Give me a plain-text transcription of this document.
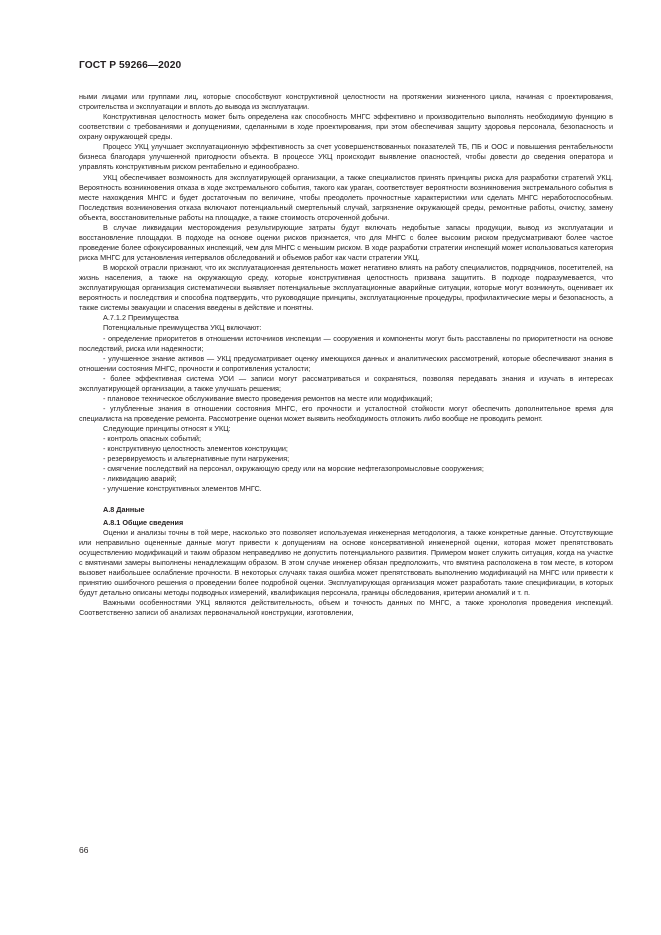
ГОСТ Р 59266—2020

ными лицами или группами лиц, которые способствуют конструктивной целостности на протяжении жизненного цикла, начиная с проектирования, строительства и эксплуатации и вплоть до вывода из эксплуатации.

Конструктивная целостность может быть определена как способность МНГС эффективно и производительно выполнять необходимую функцию в соответствии с требованиями и допущениями, сделанными в ходе проектирования, при этом обеспечивая защиту здоровья персонала, безопасность и охрану окружающей среды.

Процесс УКЦ улучшает эксплуатационную эффективность за счет усовершенствованных показателей ТБ, ПБ и ООС и повышения рентабельности бизнеса благодаря улучшенной пригодности объекта. В процессе УКЦ происходит выявление опасностей, чтобы довести до сведения оператора и управлять конструктивным риском рентабельно и единообразно.

УКЦ обеспечивает возможность для эксплуатирующей организации, а также специалистов принять принципы риска для разработки стратегий УКЦ. Вероятность возникновения отказа в ходе экстремального события, такого как ураган, соответствует вероятности возникновения экстремального события в месте нахождения МНГС и будет достаточным по величине, чтобы преодолеть прочностные характеристики или сделать МНГС неработоспособным. Последствия возникновения отказа включают потенциальный смертельный случай, загрязнение окружающей среды, ремонтные работы, очистку, замену объекта, восстановительные работы на площадке, а также стоимость отсроченной добычи.

В случае ликвидации месторождения результирующие затраты будут включать недобытые запасы продукции, вывод из эксплуатации и восстановление площадки. В подходе на основе оценки рисков признается, что для МНГС с более высоким риском предусматривают более частое проведение более сфокусированных инспекций, чем для МНГС с меньшим риском. В ходе разработки стратегии инспекций может использоваться категория риска МНГС для установления интервалов обследований и объемов работ как части стратегии УКЦ.

В морской отрасли признают, что их эксплуатационная деятельность может негативно влиять на работу специалистов, подрядчиков, посетителей, на жизнь населения, а также на окружающую среду, которые конструктивная целостность призвана защитить. В подходе подразумевается, что эксплуатирующая организация систематически выявляет потенциальные эксплуатационные аварийные ситуации, которые могут возникнуть, оценивает их вероятность и последствия и способна подтвердить, что руководящие принципы, эксплуатационные процедуры, профилактические меры и безопасность, а также системы эвакуации и спасения введены в действие и понятны.

А.7.1.2 Преимущества

Потенциальные преимущества УКЦ включают:

- определение приоритетов в отношении источников инспекции — сооружения и компоненты могут быть расставлены по приоритетности на основе последствий, риска или надежности;

- улучшенное знание активов — УКЦ предусматривает оценку имеющихся данных и аналитических рассмотрений, которые обеспечивают знания в отношении состояния МНГС, прочности и сопротивления усталости;

- более эффективная система УОИ — записи могут рассматриваться и сохраняться, позволяя передавать знания и изучать в интересах эксплуатирующей организации, а также улучшать решения;

- плановое техническое обслуживание вместо проведения ремонтов на месте или модификаций;

- углубленные знания в отношении состояния МНГС, его прочности и усталостной стойкости могут обеспечить дополнительное время для специалиста на проведение ремонта. Рассмотрение оценки может выявить необходимость отложить либо вообще не проводить ремонт.

Следующие принципы относят к УКЦ:

- контроль опасных событий;

- конструктивную целостность элементов конструкции;

- резервируемость и альтернативные пути нагружения;

- смягчение последствий на персонал, окружающую среду или на морские нефтегазопромысловые сооружения;

- ликвидацию аварий;

- улучшение конструктивных элементов МНГС.

А.8 Данные

А.8.1 Общие сведения

Оценки и анализы точны в той мере, насколько это позволяет используемая инженерная методология, а также конкретные данные. Отсутствующие или неправильно оцененные данные могут привести к допущениям на основе консервативной инженерной оценки, которая может препятствовать осуществлению модификаций и таким образом неправедливо не допустить потенциального развития. Примером может служить ситуация, когда на участке с вмятинами замеры выполнены ненадлежащим образом. В этом случае инженер обязан предположить, что вмятина расположена в том месте, в котором вызовет наибольшее ослабление прочности. В некоторых случаях такая ошибка может препятствовать выполнению модификаций на МНГС или привести к принятию ошибочного решения о проведении более подробной оценки. Эксплуатирующая организация может разработать такие спецификации, в которых будут детально описаны методы подводных измерений, квалификация персонала, границы обследования, критерии аномалий и т. п.

Важными особенностями УКЦ являются действительность, объем и точность данных по МНГС, а также хронология проведения инспекций. Соответственно записи об анализах первоначальной конструкции, изготовлении,

66
